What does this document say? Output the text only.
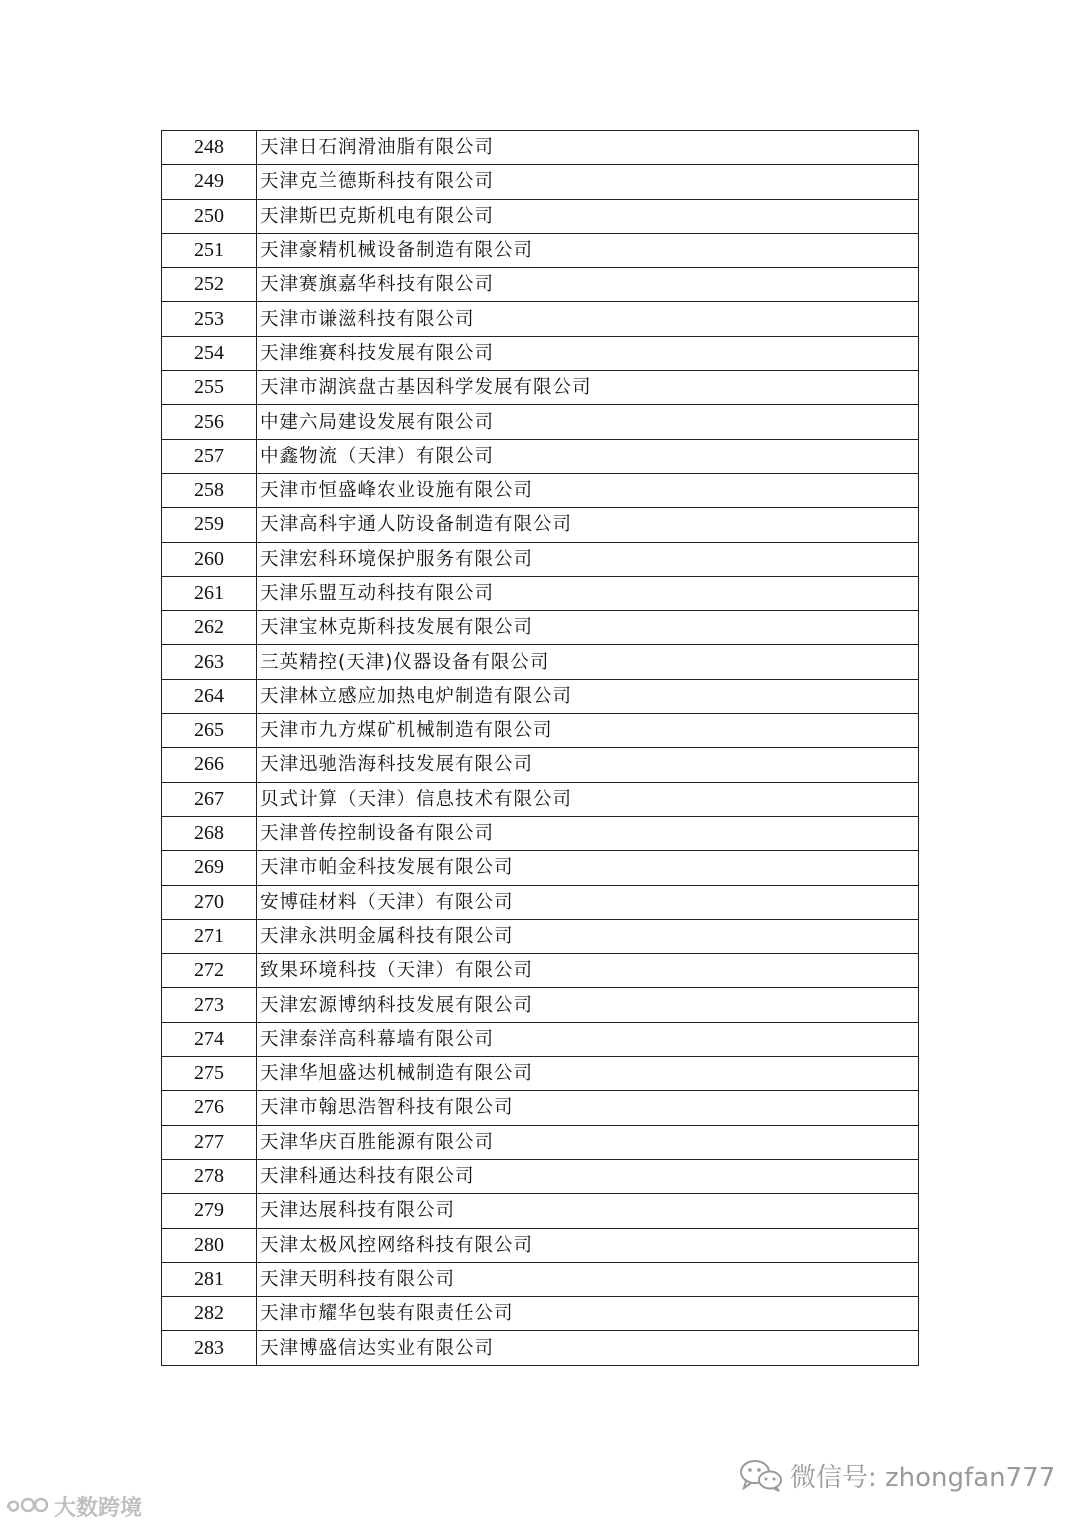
248	天津日石润滑油脂有限公司
249	天津克兰德斯科技有限公司
250	天津斯巴克斯机电有限公司
251	天津豪精机械设备制造有限公司
252	天津赛旗嘉华科技有限公司
253	天津市谦滋科技有限公司
254	天津维赛科技发展有限公司
255	天津市湖滨盘古基因科学发展有限公司
256	中建六局建设发展有限公司
257	中鑫物流（天津）有限公司
258	天津市恒盛峰农业设施有限公司
259	天津高科宇通人防设备制造有限公司
260	天津宏科环境保护服务有限公司
261	天津乐盟互动科技有限公司
262	天津宝林克斯科技发展有限公司
263	三英精控(天津)仪器设备有限公司
264	天津林立感应加热电炉制造有限公司
265	天津市九方煤矿机械制造有限公司
266	天津迅驰浩海科技发展有限公司
267	贝式计算（天津）信息技术有限公司
268	天津普传控制设备有限公司
269	天津市帕金科技发展有限公司
270	安博硅材料（天津）有限公司
271	天津永洪明金属科技有限公司
272	致果环境科技（天津）有限公司
273	天津宏源博纳科技发展有限公司
274	天津泰洋高科幕墙有限公司
275	天津华旭盛达机械制造有限公司
276	天津市翰思浩智科技有限公司
277	天津华庆百胜能源有限公司
278	天津科通达科技有限公司
279	天津达展科技有限公司
280	天津太极风控网络科技有限公司
281	天津天明科技有限公司
282	天津市耀华包装有限责任公司
283	天津博盛信达实业有限公司
微信号: zhongfan777
大数跨境
